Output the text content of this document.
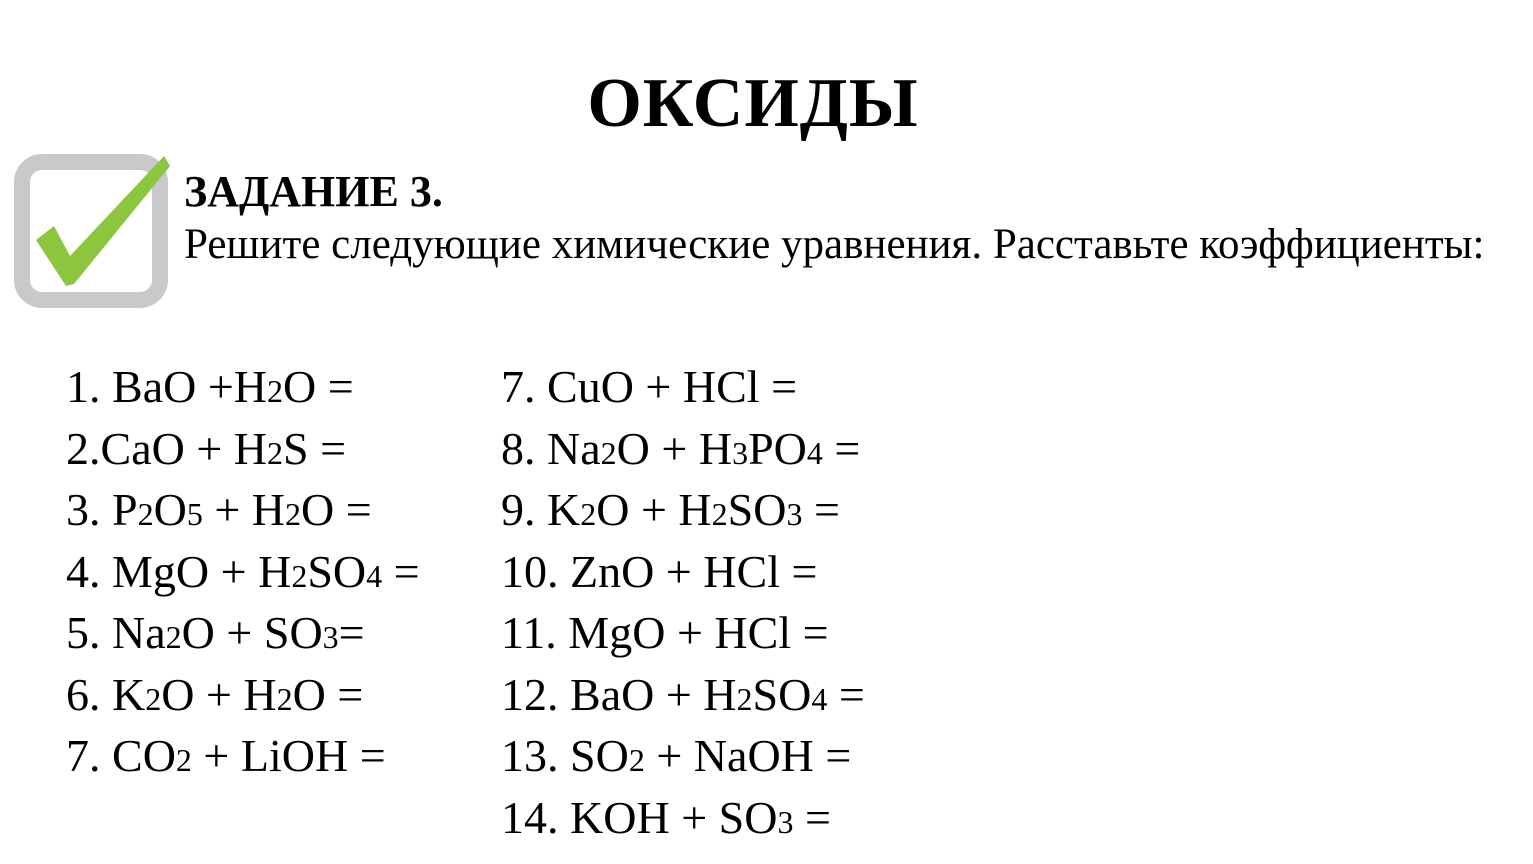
ОКСИДЫ
ЗАДАНИЕ 3.
Решите следующие химические уравнения. Расставьте коэффициенты:
1. BaO +H2O =
2.CaO + H2S =
3. P2O5 + H2O =
4. MgO + H2SO4 =
5. Na2O + SO3=
6. K2O + H2O =
7. CO2 + LiOH =
7. CuO + HCl =
8. Na2O + H3PO4 =
9. K2O + H2SO3 =
10. ZnO + HCl =
11. MgO + HCl =
12. BaO + H2SO4 =
13. SO2 + NaOH =
14. KOH + SO3 =
